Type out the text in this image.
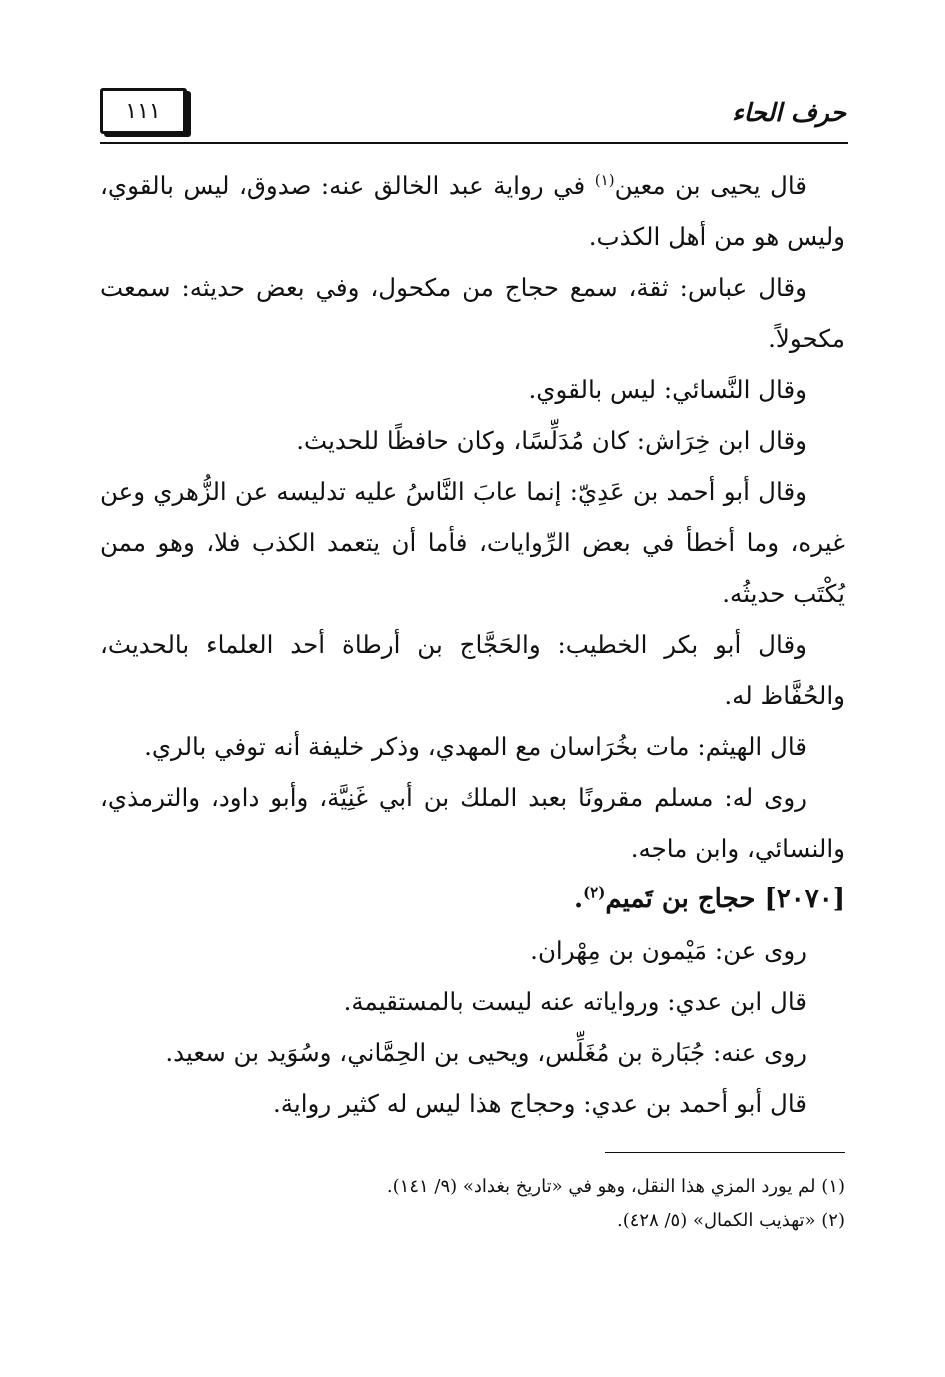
حرف الحاء
١١١

قال يحيى بن معين$^{(١)}$ في رواية عبد الخالق عنه: صدوق، ليس بالقوي، وليس هو من أهل الكذب.

وقال عباس: ثقة، سمع حجاج من مكحول، وفي بعض حديثه: سمعت مكحولاً.

وقال النَّسائي: ليس بالقوي.

وقال ابن خِرَاش: كان مُدَلِّسًا، وكان حافظًا للحديث.

وقال أبو أحمد بن عَدِيّ: إنما عابَ النَّاسُ عليه تدليسه عن الزُّهري وعن غيره، وما أخطأ في بعض الرِّوايات، فأما أن يتعمد الكذب فلا، وهو ممن يُكْتَب حديثُه.

وقال أبو بكر الخطيب: والحَجَّاج بن أرطاة أحد العلماء بالحديث، والحُفَّاظ له.

قال الهيثم: مات بخُرَاسان مع المهدي، وذكر خليفة أنه توفي بالري.

روى له: مسلم مقرونًا بعبد الملك بن أبي غَنِيَّة، وأبو داود، والترمذي، والنسائي، وابن ماجه.

[٢٠٧٠] حجاج بن تَميم$^{(٢)}$.

روى عن: مَيْمون بن مِهْران.

قال ابن عدي: ورواياته عنه ليست بالمستقيمة.

روى عنه: جُبَارة بن مُغَلِّس، ويحيى بن الحِمَّاني، وسُوَيد بن سعيد.

قال أبو أحمد بن عدي: وحجاج هذا ليس له كثير رواية.

(١) لم يورد المزي هذا النقل، وهو في «تاريخ بغداد» (٩/ ١٤١).

(٢) «تهذيب الكمال» (٥/ ٤٢٨).
